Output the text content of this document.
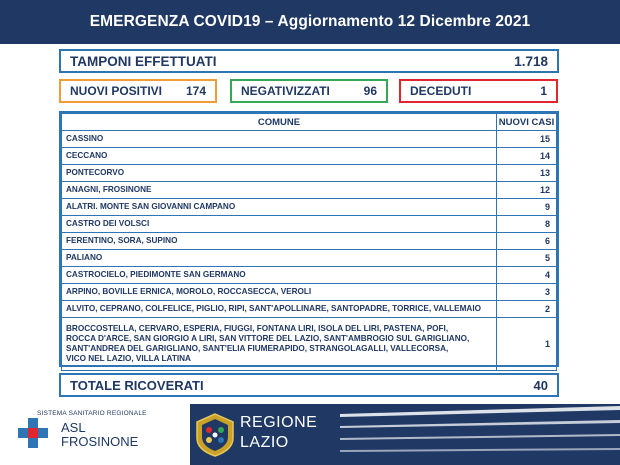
EMERGENZA COVID19 – Aggiornamento 12 Dicembre 2021
TAMPONI EFFETTUATI	1.718
NUOVI POSITIVI 174	NEGATIVIZZATI	96	DECEDUTI	1
COMUNE	NUOVI CASI
CASSINO	15
CECCANO	14
PONTECORVO	13
ANAGNI, FROSINONE	12
ALATRI. MONTE SAN GIOVANNI CAMPANO	9
CASTRO DEI VOLSCI	8
FERENTINO, SORA, SUPINO	6
PALIANO	5
CASTROCIELO, PIEDIMONTE SAN GERMANO	4
ARPINO, BOVILLE ERNICA, MOROLO, ROCCASECCA, VEROLI	3
ALVITO, CEPRANO, COLFELICE, PIGLIO, RIPI, SANT'APOLLINARE, SANTOPADRE, TORRICE, VALLEMAIO	2

BROCCOSTELLA, CERVARO, ESPERIA, FIUGGI, FONTANA LIRI, ISOLA DEL LIRI, PASTENA, POFI,
ROCCA D'ARCE, SAN GIORGIO A LIRI, SAN VITTORE DEL LAZIO, SANT'AMBROGIO SUL GARIGLIANO,
SANT'ANDREA DEL GARIGLIANO, SANT'ELIA FIUMERAPIDO, STRANGOLAGALLI, VALLECORSA,
VICO NEL LAZIO, VILLA LATINA	1
TOTALE RICOVERATI	40
SISTEMA SANITARIO REGIONALE
ASL
FROSINONE
REGIONE
LAZIO
